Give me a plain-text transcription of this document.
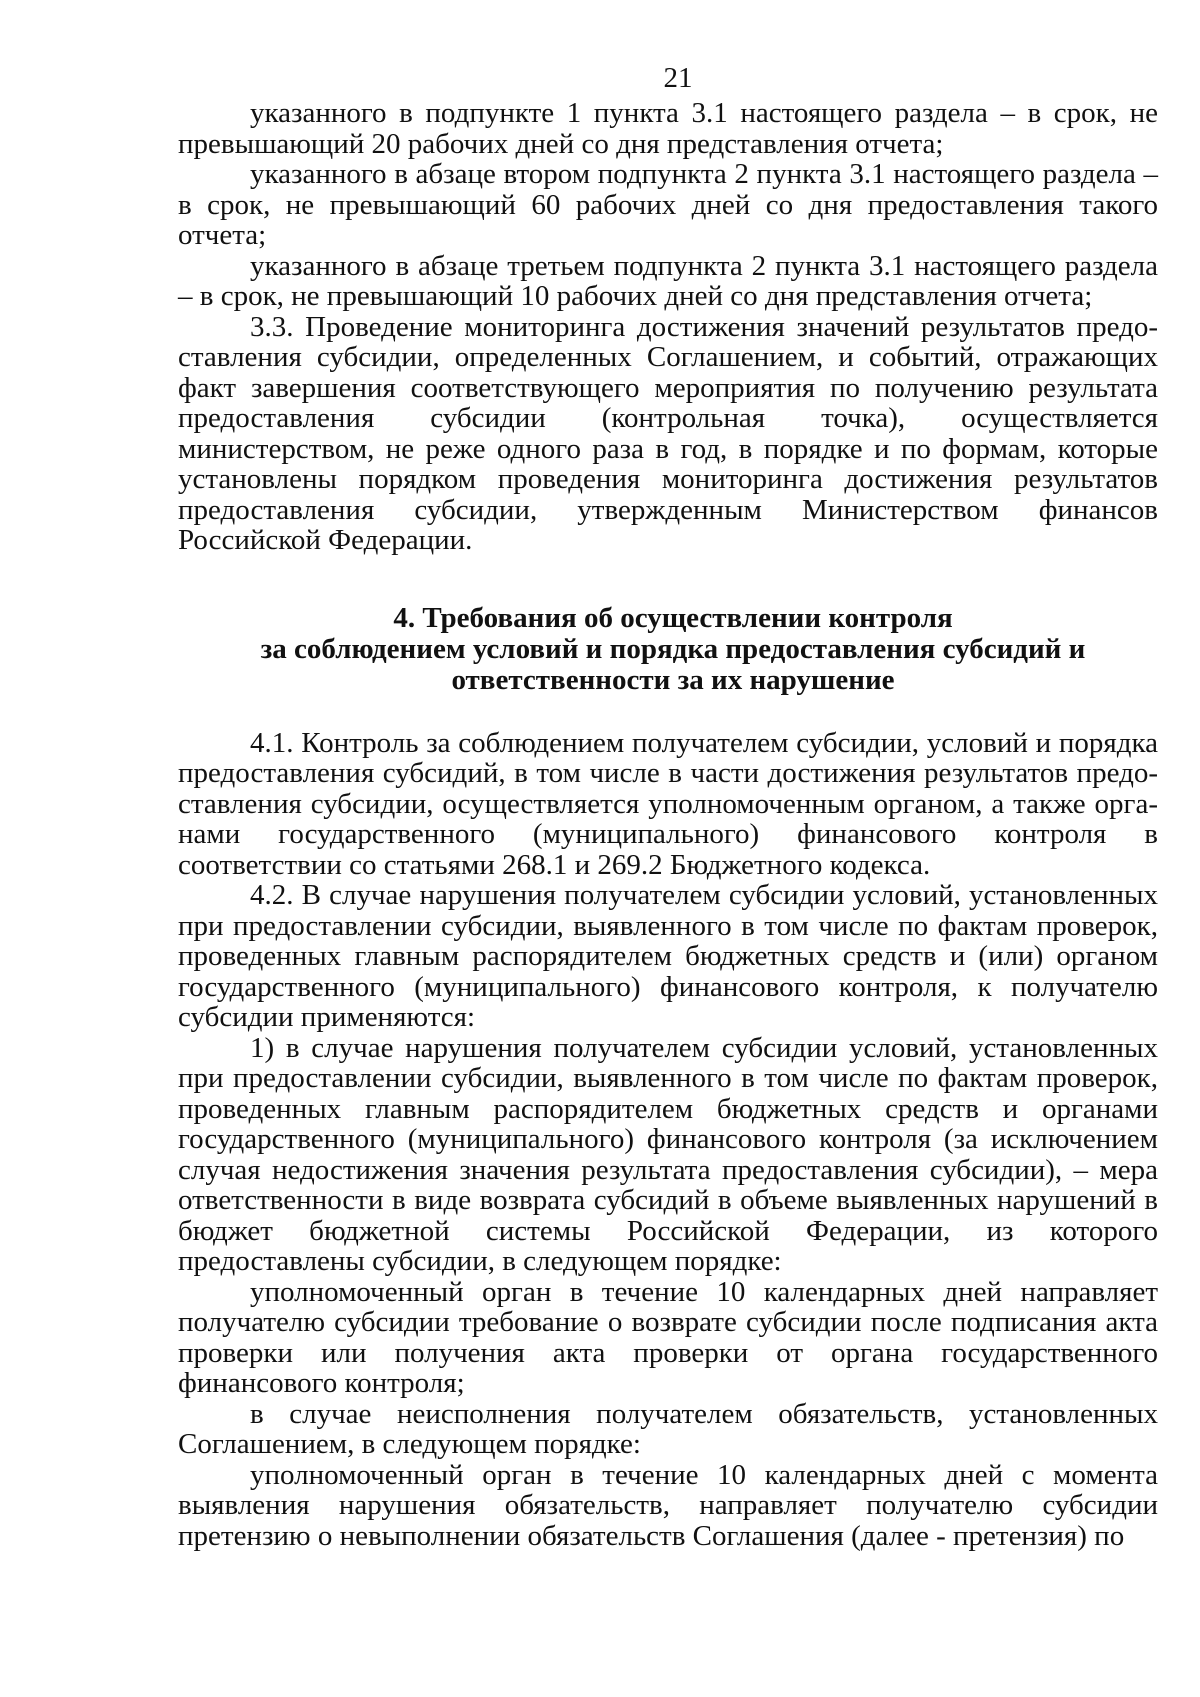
21

указанного в подпункте 1 пункта 3.1 настоящего раздела – в срок, не превышающий 20 рабочих дней со дня представления отчета;

указанного в абзаце втором подпункта 2 пункта 3.1 настоящего раздела – в срок, не превышающий 60 рабочих дней со дня предоставления такого отчета;

указанного в абзаце третьем подпункта 2 пункта 3.1 настоящего раздела – в срок, не превышающий 10 рабочих дней со дня представления отчета;

3.3. Проведение мониторинга достижения значений результатов предоставления субсидии, определенных Соглашением, и событий, отражающих факт завершения соответствующего мероприятия по получению результата предоставления субсидии (контрольная точка), осуществляется министерством, не реже одного раза в год, в порядке и по формам, которые установлены порядком проведения мониторинга достижения результатов предоставления субсидии, утвержденным Министерством финансов Российской Федерации.

4. Требования об осуществлении контроля
за соблюдением условий и порядка предоставления субсидий и
ответственности за их нарушение

4.1. Контроль за соблюдением получателем субсидии, условий и порядка предоставления субсидий, в том числе в части достижения результатов предоставления субсидии, осуществляется уполномоченным органом, а также органами государственного (муниципального) финансового контроля в соответствии со статьями 268.1 и 269.2 Бюджетного кодекса.

4.2. В случае нарушения получателем субсидии условий, установленных при предоставлении субсидии, выявленного в том числе по фактам проверок, проведенных главным распорядителем бюджетных средств и (или) органом государственного (муниципального) финансового контроля, к получателю субсидии применяются:

1) в случае нарушения получателем субсидии условий, установленных при предоставлении субсидии, выявленного в том числе по фактам проверок, проведенных главным распорядителем бюджетных средств и органами государственного (муниципального) финансового контроля (за исключением случая недостижения значения результата предоставления субсидии), – мера ответственности в виде возврата субсидий в объеме выявленных нарушений в бюджет бюджетной системы Российской Федерации, из которого предоставлены субсидии, в следующем порядке:

уполномоченный орган в течение 10 календарных дней направляет получателю субсидии требование о возврате субсидии после подписания акта проверки или получения акта проверки от органа государственного финансового контроля;

в случае неисполнения получателем обязательств, установленных Соглашением, в следующем порядке:

уполномоченный орган в течение 10 календарных дней с момента выявления нарушения обязательств, направляет получателю субсидии претензию о невыполнении обязательств Соглашения (далее - претензия) по
